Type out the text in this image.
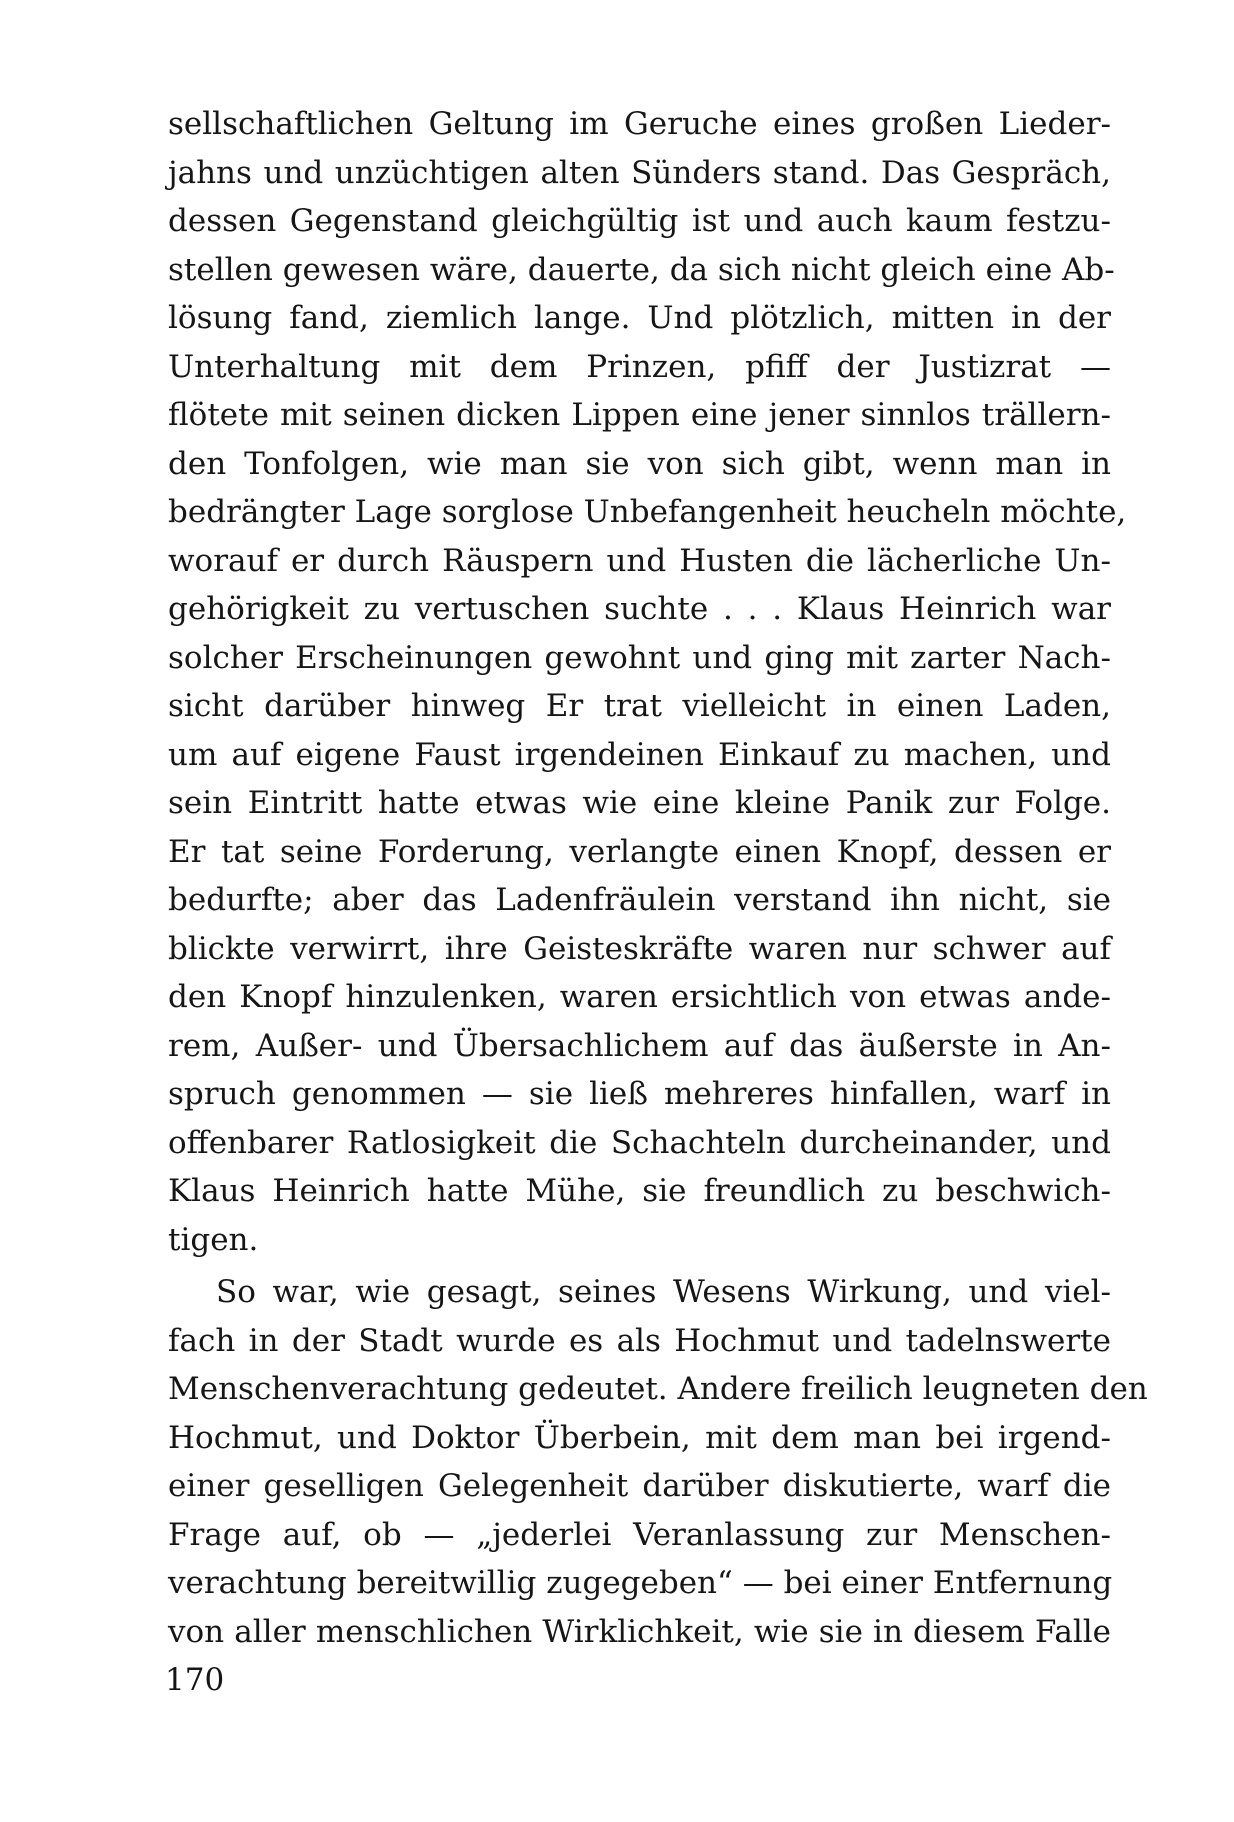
sellschaftlichen Geltung im Geruche eines großen Lieder-
jahns und unzüchtigen alten Sünders stand. Das Gespräch,
dessen Gegenstand gleichgültig ist und auch kaum festzu-
stellen gewesen wäre, dauerte, da sich nicht gleich eine Ab-
lösung fand, ziemlich lange. Und plötzlich, mitten in der
Unterhaltung mit dem Prinzen, pfiff der Justizrat —
flötete mit seinen dicken Lippen eine jener sinnlos trällern-
den Tonfolgen, wie man sie von sich gibt, wenn man in
bedrängter Lage sorglose Unbefangenheit heucheln möchte,
worauf er durch Räuspern und Husten die lächerliche Un-
gehörigkeit zu vertuschen suchte . . . Klaus Heinrich war
solcher Erscheinungen gewohnt und ging mit zarter Nach-
sicht darüber hinweg Er trat vielleicht in einen Laden,
um auf eigene Faust irgendeinen Einkauf zu machen, und
sein Eintritt hatte etwas wie eine kleine Panik zur Folge.
Er tat seine Forderung, verlangte einen Knopf, dessen er
bedurfte; aber das Ladenfräulein verstand ihn nicht, sie
blickte verwirrt, ihre Geisteskräfte waren nur schwer auf
den Knopf hinzulenken, waren ersichtlich von etwas ande-
rem, Außer- und Übersachlichem auf das äußerste in An-
spruch genommen — sie ließ mehreres hinfallen, warf in
offenbarer Ratlosigkeit die Schachteln durcheinander, und
Klaus Heinrich hatte Mühe, sie freundlich zu beschwich-
tigen.
So war, wie gesagt, seines Wesens Wirkung, und viel-
fach in der Stadt wurde es als Hochmut und tadelnswerte
Menschenverachtung gedeutet. Andere freilich leugneten den
Hochmut, und Doktor Überbein, mit dem man bei irgend-
einer geselligen Gelegenheit darüber diskutierte, warf die
Frage auf, ob — „jederlei Veranlassung zur Menschen-
verachtung bereitwillig zugegeben“ — bei einer Entfernung
von aller menschlichen Wirklichkeit, wie sie in diesem Falle
170
